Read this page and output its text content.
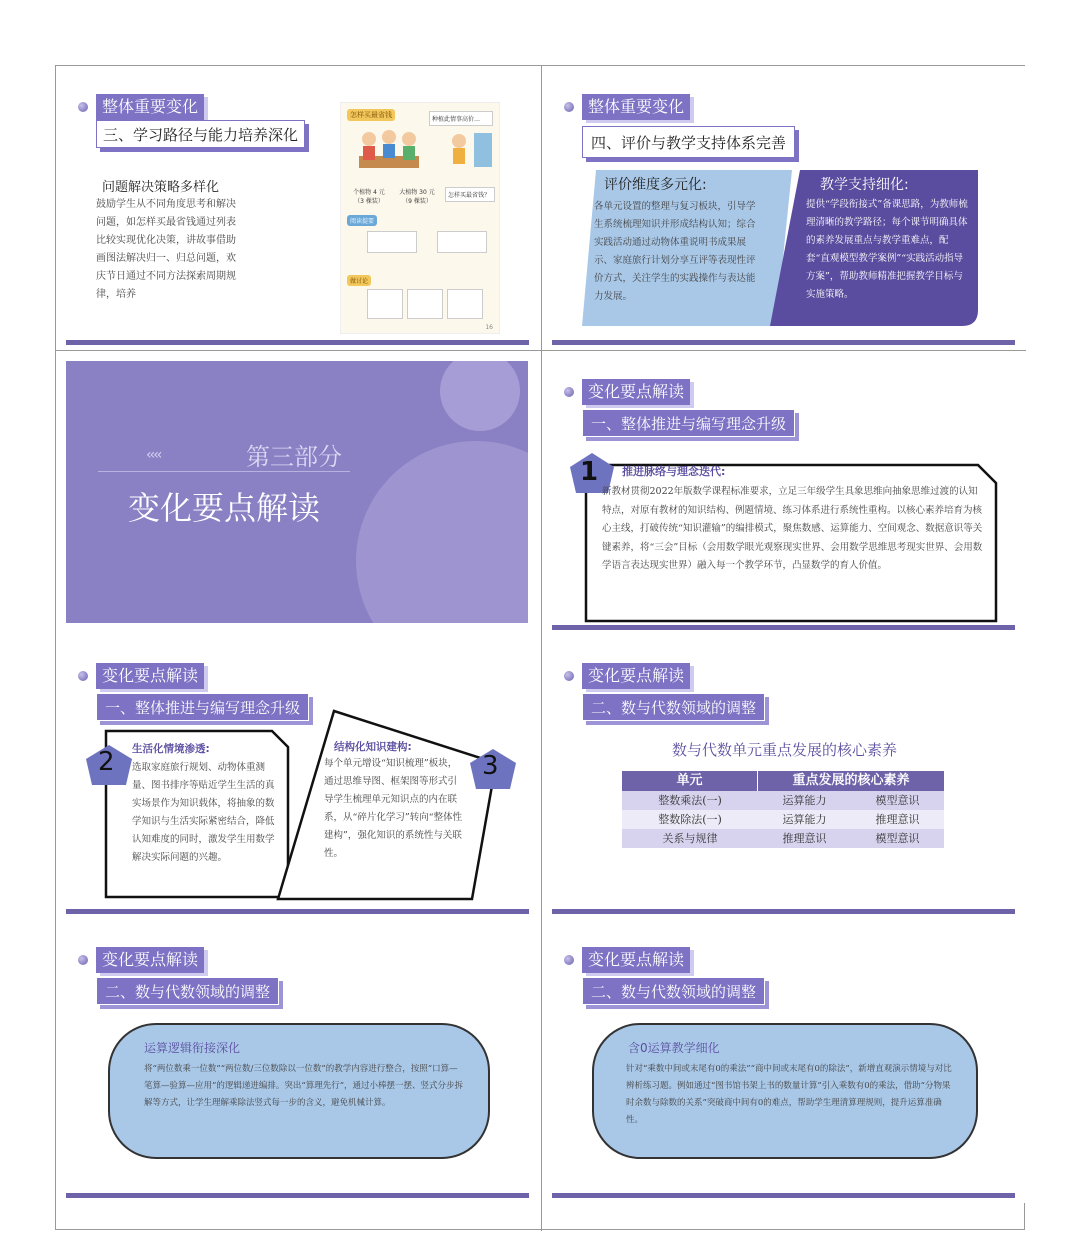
整体重要变化
三、学习路径与能力培养深化
问题解决策略多样化
鼓励学生从不同角度思考和解决问题，如怎样买最省钱通过列表比较实现优化决策，讲故事借助画图法解决归一、归总问题，欢庆节日通过不同方法探索周期规律，培养
怎样买最省钱
种植此情事高价…
个植物 4 元（3 棵装）
大植物 30 元（9 棵装）
怎样买最省钱？
阅读提要
做讨论
16
整体重要变化
四、评价与教学支持体系完善
评价维度多元化:
各单元设置的整理与复习板块，引导学生系统梳理知识并形成结构认知；综合实践活动通过动物体重说明书成果展示、家庭旅行计划分享互评等表现性评价方式，关注学生的实践操作与表达能力发展。
教学支持细化:
提供“学段衔接式”备课思路，为教师梳理清晰的教学路径；每个课节明确具体的素养发展重点与教学重难点，配套“直观模型教学案例”“实践活动指导方案”，帮助教师精准把握教学目标与实施策略。
‹‹‹‹	第三部分
变化要点解读
变化要点解读
一、整体推进与编写理念升级
1 推进脉络与理念迭代:
新教材贯彻2022年版数学课程标准要求，立足三年级学生具象思维向抽象思维过渡的认知特点，对原有教材的知识结构、例题情境、练习体系进行系统性重构。以核心素养培育为核心主线，打破传统“知识灌输”的编排模式，聚焦数感、运算能力、空间观念、数据意识等关键素养，将“三会”目标（会用数学眼光观察现实世界、会用数学思维思考现实世界、会用数学语言表达现实世界）融入每一个教学环节，凸显数学的育人价值。
变化要点解读
一、整体推进与编写理念升级
2	3
生活化情境渗透:
选取家庭旅行规划、动物体重测量、图书排序等贴近学生生活的真实场景作为知识载体，将抽象的数学知识与生活实际紧密结合，降低认知难度的同时，激发学生用数学解决实际问题的兴趣。
结构化知识建构:
每个单元增设“知识梳理”板块，通过思维导图、框架图等形式引导学生梳理单元知识点的内在联系，从“碎片化学习”转向“整体性建构”，强化知识的系统性与关联性。
变化要点解读
二、数与代数领域的调整
数与代数单元重点发展的核心素养
单元	重点发展的核心素养
整数乘法(一)	运算能力	模型意识
整数除法(一)	运算能力	推理意识
关系与规律	推理意识	模型意识
变化要点解读
二、数与代数领域的调整
运算逻辑衔接深化
将“两位数乘一位数”“两位数/三位数除以一位数”的教学内容进行整合，按照“口算—笔算—验算—应用”的逻辑递进编排。突出“算理先行”，通过小棒摆一摆、竖式分步拆解等方式，让学生理解乘除法竖式每一步的含义，避免机械计算。
变化要点解读
二、数与代数领域的调整
含0运算教学细化
针对“乘数中间或末尾有0的乘法”“商中间或末尾有0的除法”，新增直观演示情境与对比辨析练习题。例如通过“图书馆书架上书的数量计算”引入乘数有0的乘法，借助“分物果时余数与除数的关系”突破商中间有0的难点，帮助学生理清算理规则，提升运算准确性。
